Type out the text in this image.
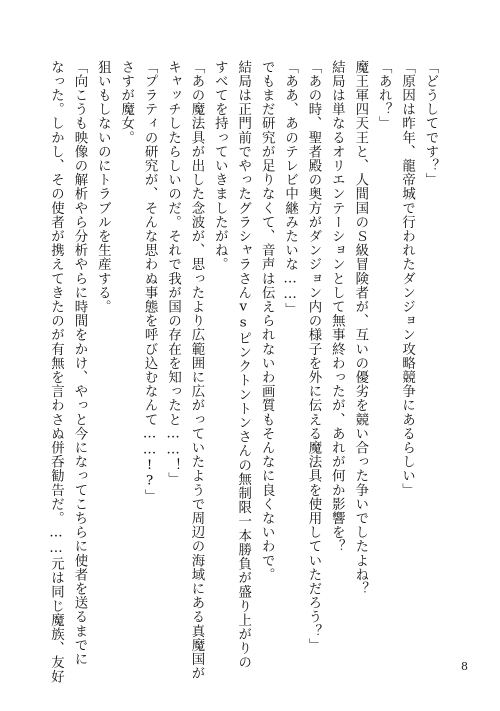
「どうしてです？」
「原因は昨年、龍帝城で行われたダンジョン攻略競争にあるらしい」
「あれ？」
魔王軍四天王と、人間国のＳ級冒険者が、互いの優劣を競い合った争いでしたよね？
結局は単なるオリエンテーションとして無事終わったが、あれが何か影響を？
「あの時、聖者殿の奥方がダンジョン内の様子を外に伝える魔法具を使用していただろう？」
「ああ、あのテレビ中継みたいな……」
でもまだ研究が足りなくて、音声は伝えられないわ画質もそんなに良くないわで。
結局は正門前でやったグラシャラさんvsピンクトントンさんの無制限一本勝負が盛り上がりの
すべてを持っていきましたがね。
「あの魔法具が出した念波が、思ったより広範囲に広がっていたようで周辺の海域にある真魔国が
キャッチしたらしいのだ。それで我が国の存在を知ったと……！」
「プラティの研究が、そんな思わぬ事態を呼び込むなんて……!?」
さすが魔女。
狙いもしないのにトラブルを生産する。
「向こうも映像の解析やら分析やらに時間をかけ、やっと今になってこちらに使者を送るまでに
なった。しかし、その使者が携えてきたのが有無を言わさぬ併呑勧告だ。……元は同じ魔族、友好	8
